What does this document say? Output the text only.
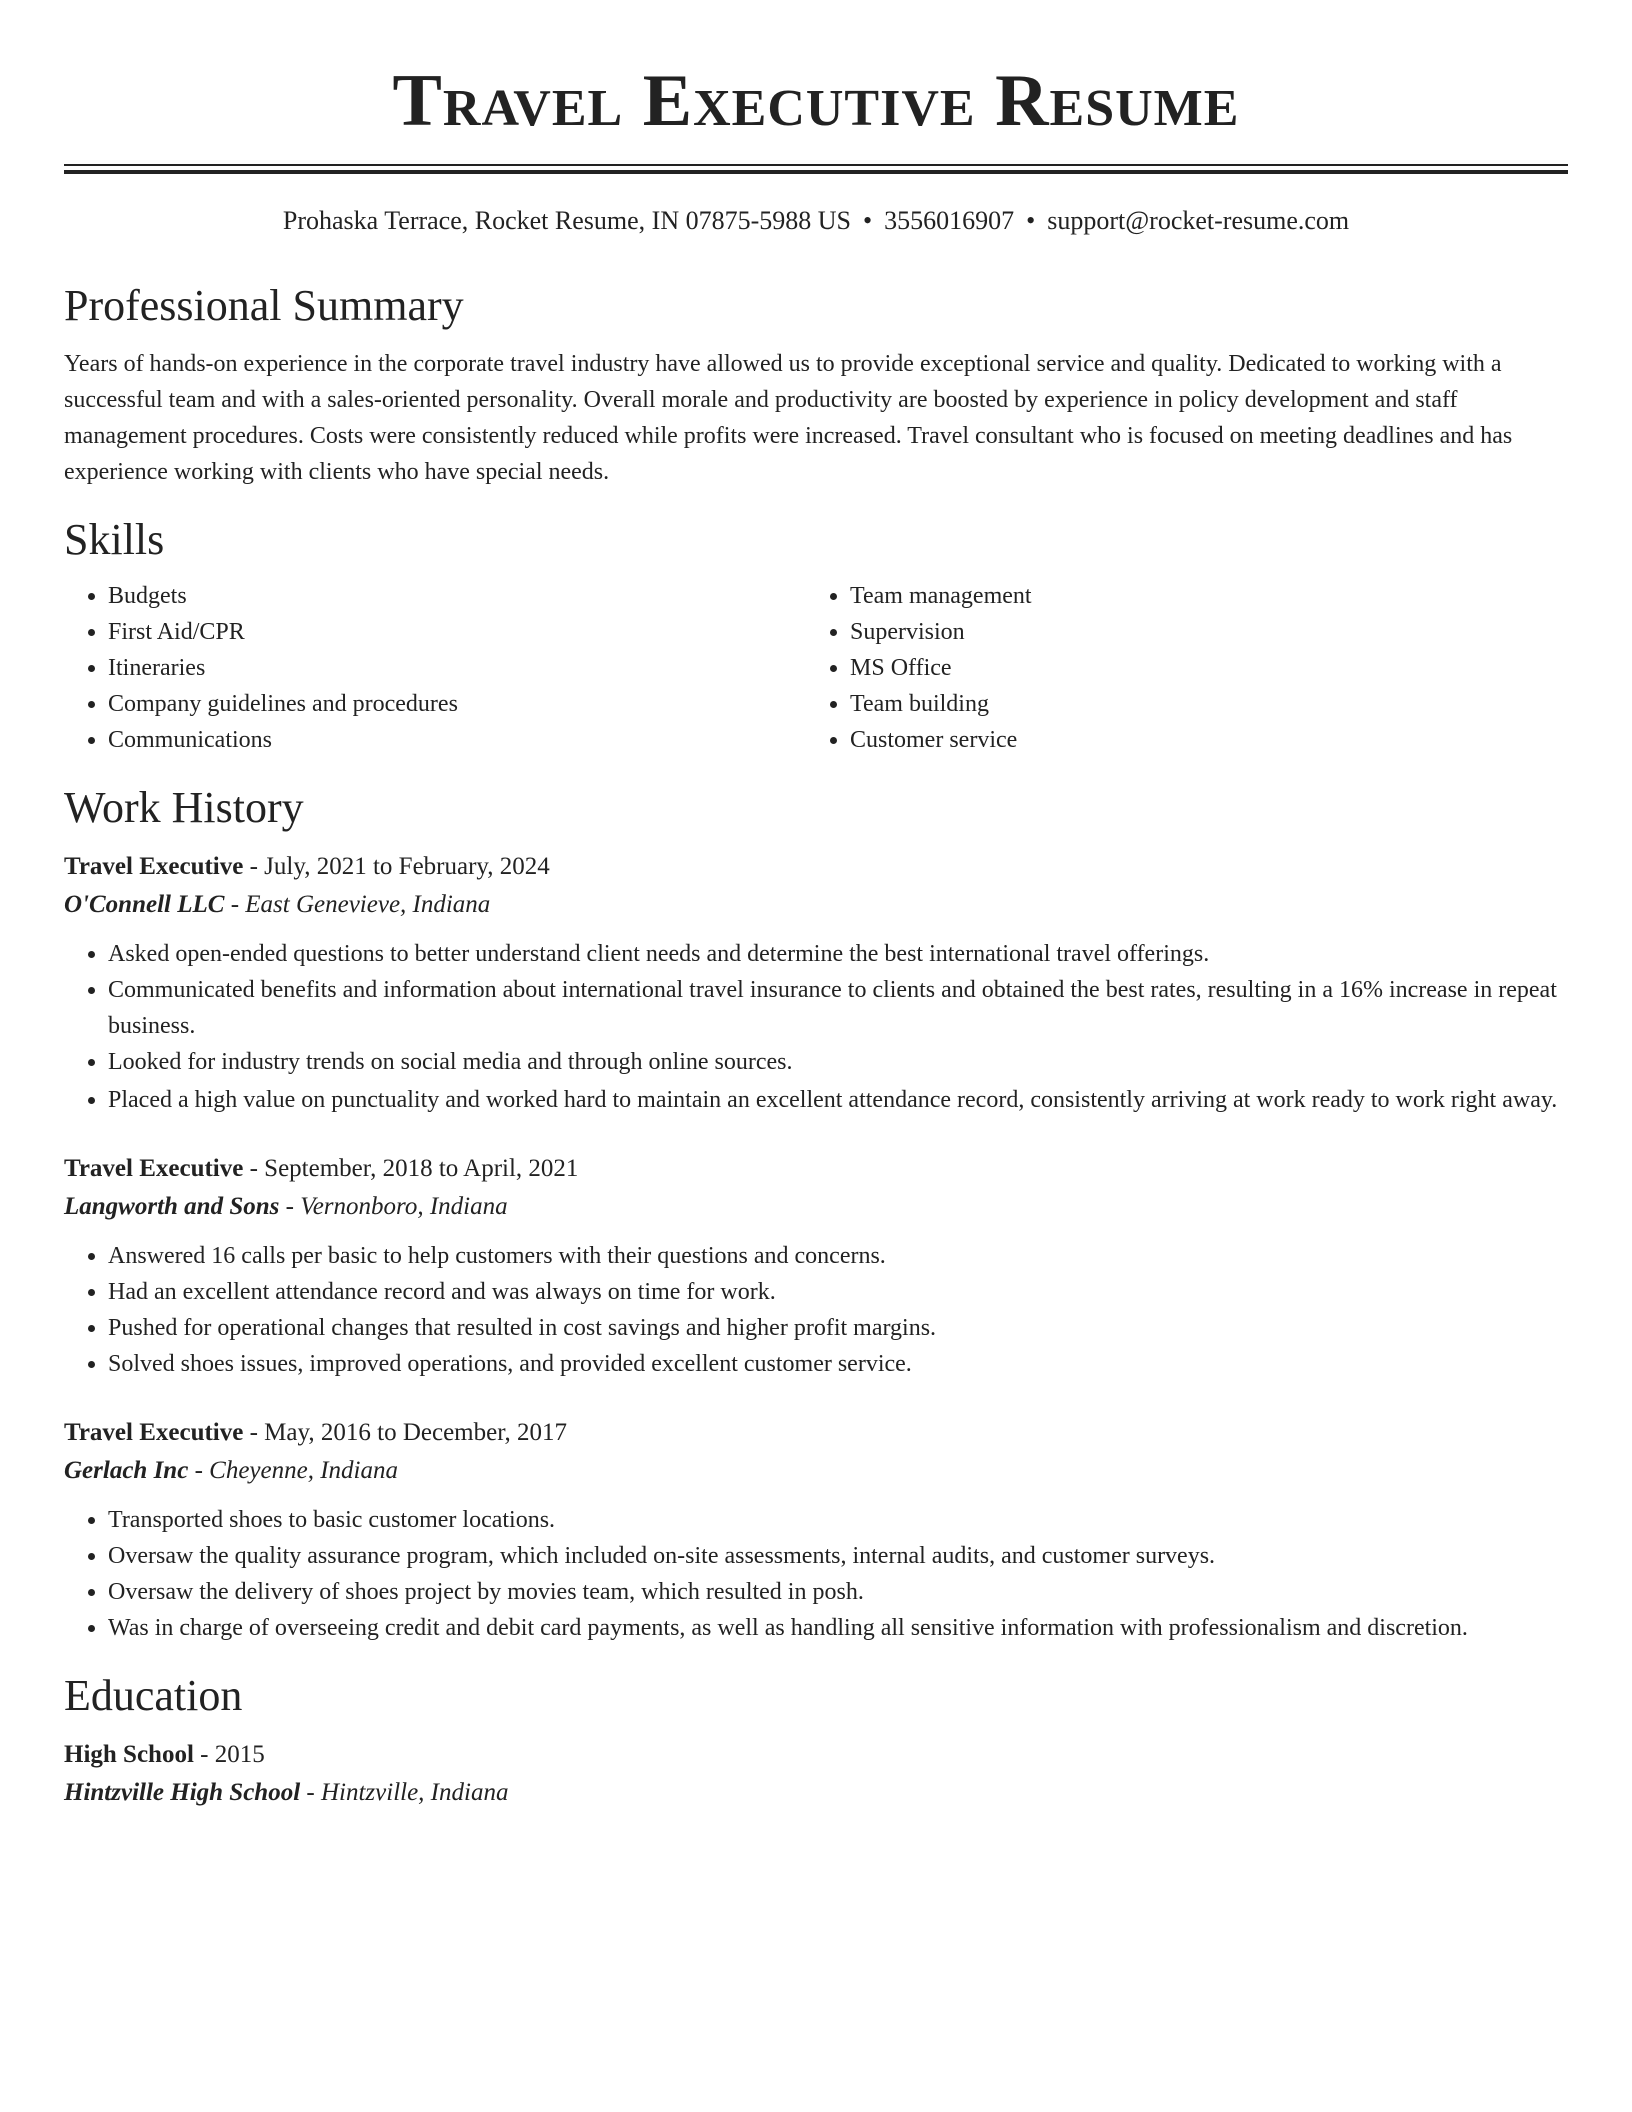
Travel Executive Resume
Prohaska Terrace, Rocket Resume, IN 07875-5988 US • 3556016907 • support@rocket-resume.com
Professional Summary

Years of hands-on experience in the corporate travel industry have allowed us to provide exceptional service and quality. Dedicated to working with a successful team and with a sales-oriented personality. Overall morale and productivity are boosted by experience in policy development and staff management procedures. Costs were consistently reduced while profits were increased. Travel consultant who is focused on meeting deadlines and has experience working with clients who have special needs.

Skills
• Budgets
• First Aid/CPR
• Itineraries
• Company guidelines and procedures
• Communications
• Team management
• Supervision
• MS Office
• Team building
• Customer service
Work History
Travel Executive - July, 2021 to February, 2024
O'Connell LLC - East Genevieve, Indiana
• Asked open-ended questions to better understand client needs and determine the best international travel offerings.
• Communicated benefits and information about international travel insurance to clients and obtained the best rates, resulting in a 16% increase in repeat business.
• Looked for industry trends on social media and through online sources.
• Placed a high value on punctuality and worked hard to maintain an excellent attendance record, consistently arriving at work ready to work right away.
Travel Executive - September, 2018 to April, 2021
Langworth and Sons - Vernonboro, Indiana
• Answered 16 calls per basic to help customers with their questions and concerns.
• Had an excellent attendance record and was always on time for work.
• Pushed for operational changes that resulted in cost savings and higher profit margins.
• Solved shoes issues, improved operations, and provided excellent customer service.
Travel Executive - May, 2016 to December, 2017
Gerlach Inc - Cheyenne, Indiana
• Transported shoes to basic customer locations.
• Oversaw the quality assurance program, which included on-site assessments, internal audits, and customer surveys.
• Oversaw the delivery of shoes project by movies team, which resulted in posh.
• Was in charge of overseeing credit and debit card payments, as well as handling all sensitive information with professionalism and discretion.
Education
High School - 2015
Hintzville High School - Hintzville, Indiana
